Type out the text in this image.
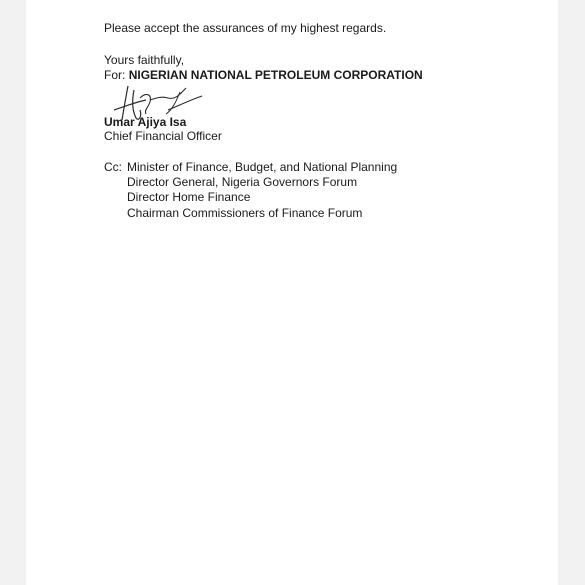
Please accept the assurances of my highest regards.
Yours faithfully,
For: NIGERIAN NATIONAL PETROLEUM CORPORATION
Umar Ajiya Isa
Chief Financial Officer
Cc: Minister of Finance, Budget, and National Planning
Director General, Nigeria Governors Forum
Director Home Finance
Chairman Commissioners of Finance Forum
